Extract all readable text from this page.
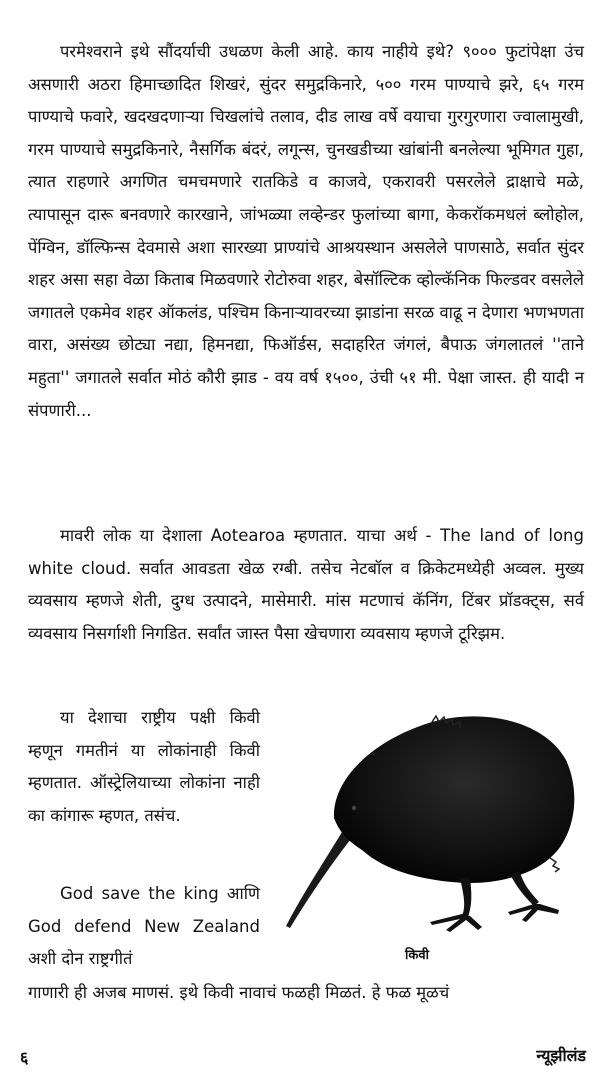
परमेश्वराने इथे सौंदर्याची उधळण केली आहे. काय नाहीये इथे? ९००० फुटांपेक्षा उंच असणारी अठरा हिमाच्छादित शिखरं, सुंदर समुद्रकिनारे, ५०० गरम पाण्याचे झरे, ६५ गरम पाण्याचे फवारे, खदखदणाऱ्या चिखलांचे तलाव, दीड लाख वर्षे वयाचा गुरगुरणारा ज्वालामुखी, गरम पाण्याचे समुद्रकिनारे, नैसर्गिक बंदरं, लगून्स, चुनखडीच्या खांबांनी बनलेल्या भूमिगत गुहा, त्यात राहणारे अगणित चमचमणारे रातकिडे व काजवे, एकरावरी पसरलेले द्राक्षाचे मळे, त्यापासून दारू बनवणारे कारखाने, जांभळ्या लव्हेन्डर फुलांच्या बागा, केकरॉकमधलं ब्लोहोल, पेंग्विन, डॉल्फिन्स देवमासे अशा सारख्या प्राण्यांचे आश्रयस्थान असलेले पाणसाठे, सर्वात सुंदर शहर असा सहा वेळा किताब मिळवणारे रोटोरुवा शहर, बेसॉल्टिक व्होल्कॅनिक फिल्डवर वसलेले जगातले एकमेव शहर ऑकलंड, पश्चिम किनाऱ्यावरच्या झाडांना सरळ वाढू न देणारा भणभणता वारा, असंख्य छोट्या नद्या, हिमनद्या, फिऑर्डस, सदाहरित जंगलं, बैपाऊ जंगलातलं ''ताने महुता'' जगातले सर्वात मोठं कौरी झाड - वय वर्ष १५००, उंची ५१ मी. पेक्षा जास्त. ही यादी न संपणारी...

मावरी लोक या देशाला Aotearoa म्हणतात. याचा अर्थ - The land of long white cloud. सर्वात आवडता खेळ रग्बी. तसेच नेटबॉल व क्रिकेटमध्येही अव्वल. मुख्य व्यवसाय म्हणजे शेती, दुग्ध उत्पादने, मासेमारी. मांस मटणाचं कॅनिंग, टिंबर प्रॉडक्ट्स, सर्व व्यवसाय निसर्गाशी निगडित. सर्वांत जास्त पैसा खेचणारा व्यवसाय म्हणजे टूरिझम.

या देशाचा राष्ट्रीय पक्षी किवी म्हणून गमतीनं या लोकांनाही किवी म्हणतात. ऑस्ट्रेलियाच्या लोकांना नाही का कांगारू म्हणत, तसंच.

God save the king आणि God defend New Zealand अशी दोन राष्ट्रगीतं

गाणारी ही अजब माणसं. इथे किवी नावाचं फळही मिळतं. हे फळ मूळचं

किवी
६	न्यूझीलंड
